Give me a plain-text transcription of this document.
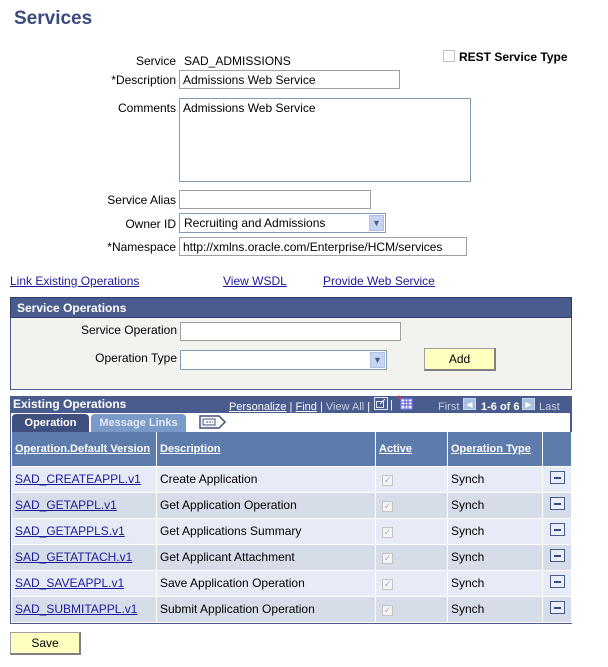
Services
Service SAD_ADMISSIONS	REST Service Type
*Description
Admissions Web Service
Comments Admissions Web Service
Service Alias
Owner ID Recruiting and Admissions	▼
*Namespace
http://xmlns.oracle.com/Enterprise/HCM/services
Link Existing Operations	View WSDL	Provide Web Service
Service Operations
Service Operation
Operation Type	▼	Add
Existing Operations	Personalize | Find | View All | |	First ◀ 1-6 of 6 ▶ Last
Operation	Message Links
Operation.Default Version	Description	Active	Operation Type	
SAD_CREATEAPPL.v1	Create Application	✓	Synch	
SAD_GETAPPL.v1	Get Application Operation	✓	Synch	
SAD_GETAPPLS.v1	Get Applications Summary	✓	Synch	
SAD_GETATTACH.v1	Get Applicant Attachment	✓	Synch	
SAD_SAVEAPPL.v1	Save Application Operation	✓	Synch	
SAD_SUBMITAPPL.v1	Submit Application Operation	✓	Synch	
Save
